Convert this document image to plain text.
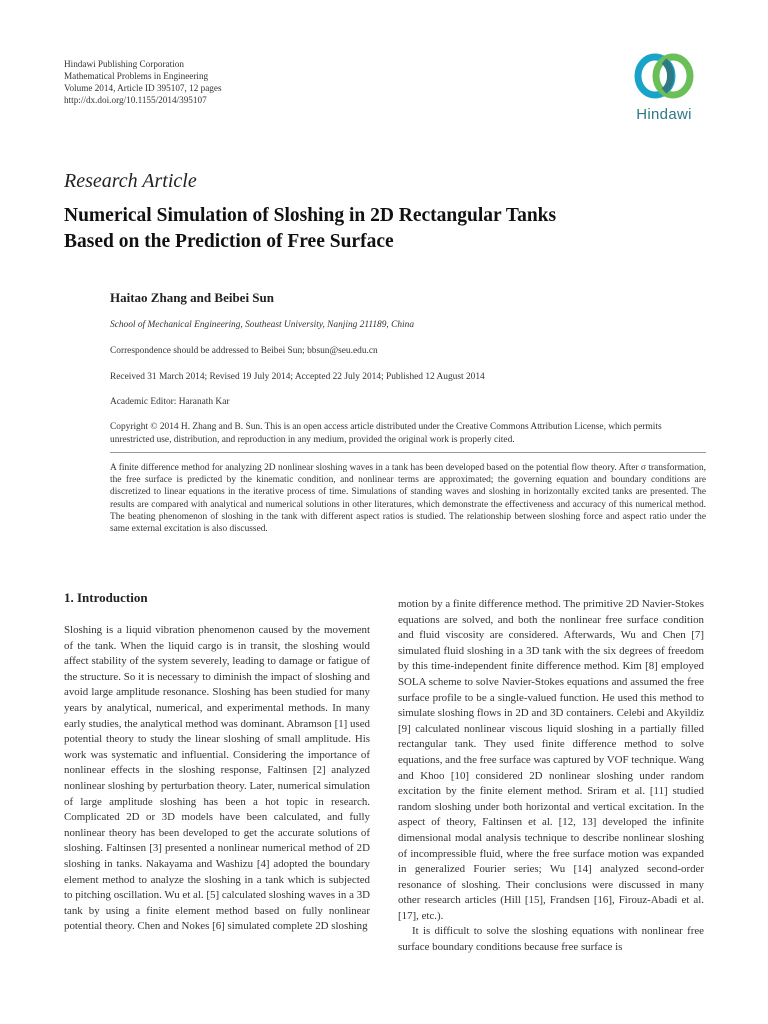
Hindawi Publishing Corporation
Mathematical Problems in Engineering
Volume 2014, Article ID 395107, 12 pages
http://dx.doi.org/10.1155/2014/395107
Hindawi
Research Article
Numerical Simulation of Sloshing in 2D Rectangular Tanks
Based on the Prediction of Free Surface
Haitao Zhang and Beibei Sun
School of Mechanical Engineering, Southeast University, Nanjing 211189, China
Correspondence should be addressed to Beibei Sun; bbsun@seu.edu.cn
Received 31 March 2014; Revised 19 July 2014; Accepted 22 July 2014; Published 12 August 2014
Academic Editor: Haranath Kar
Copyright © 2014 H. Zhang and B. Sun. This is an open access article distributed under the Creative Commons Attribution License, which permits unrestricted use, distribution, and reproduction in any medium, provided the original work is properly cited.
A finite difference method for analyzing 2D nonlinear sloshing waves in a tank has been developed based on the potential flow theory. After σ transformation, the free surface is predicted by the kinematic condition, and nonlinear terms are approximated; the governing equation and boundary conditions are discretized to linear equations in the iterative process of time. Simulations of standing waves and sloshing in horizontally excited tanks are presented. The results are compared with analytical and numerical solutions in other literatures, which demonstrate the effectiveness and accuracy of this numerical method. The beating phenomenon of sloshing in the tank with different aspect ratios is studied. The relationship between sloshing force and aspect ratio under the same external excitation is also discussed.
1. Introduction

Sloshing is a liquid vibration phenomenon caused by the movement of the tank. When the liquid cargo is in transit, the sloshing would affect stability of the system severely, leading to damage or fatigue of the structure. So it is necessary to diminish the impact of sloshing and avoid large amplitude resonance. Sloshing has been studied for many years by analytical, numerical, and experimental methods. In many early studies, the analytical method was dominant. Abramson [1] used potential theory to study the linear sloshing of small amplitude. His work was systematic and influential. Considering the importance of nonlinear effects in the sloshing response, Faltinsen [2] analyzed nonlinear sloshing by perturbation theory. Later, numerical simulation of large amplitude sloshing has been a hot topic in research. Complicated 2D or 3D models have been calculated, and fully nonlinear theory has been developed to get the accurate solutions of sloshing. Faltinsen [3] presented a nonlinear numerical method of 2D sloshing in tanks. Nakayama and Washizu [4] adopted the boundary element method to analyze the sloshing in a tank which is subjected to pitching oscillation. Wu et al. [5] calculated sloshing waves in a 3D tank by using a finite element method based on fully nonlinear potential theory. Chen and Nokes [6] simulated complete 2D sloshing

motion by a finite difference method. The primitive 2D Navier-Stokes equations are solved, and both the nonlinear free surface condition and fluid viscosity are considered. Afterwards, Wu and Chen [7] simulated fluid sloshing in a 3D tank with the six degrees of freedom by this time-independent finite difference method. Kim [8] employed SOLA scheme to solve Navier-Stokes equations and assumed the free surface profile to be a single-valued function. He used this method to simulate sloshing flows in 2D and 3D containers. Celebi and Akyildiz [9] calculated nonlinear viscous liquid sloshing in a partially filled rectangular tank. They used finite difference method to solve equations, and the free surface was captured by VOF technique. Wang and Khoo [10] considered 2D nonlinear sloshing under random excitation by the finite element method. Sriram et al. [11] studied random sloshing under both horizontal and vertical excitation. In the aspect of theory, Faltinsen et al. [12, 13] developed the infinite dimensional modal analysis technique to describe nonlinear sloshing of incompressible fluid, where the free surface motion was expanded in generalized Fourier series; Wu [14] analyzed second-order resonance of sloshing. Their conclusions were discussed in many other research articles (Hill [15], Frandsen [16], Firouz-Abadi et al. [17], etc.).

It is difficult to solve the sloshing equations with nonlinear free surface boundary conditions because free surface is
